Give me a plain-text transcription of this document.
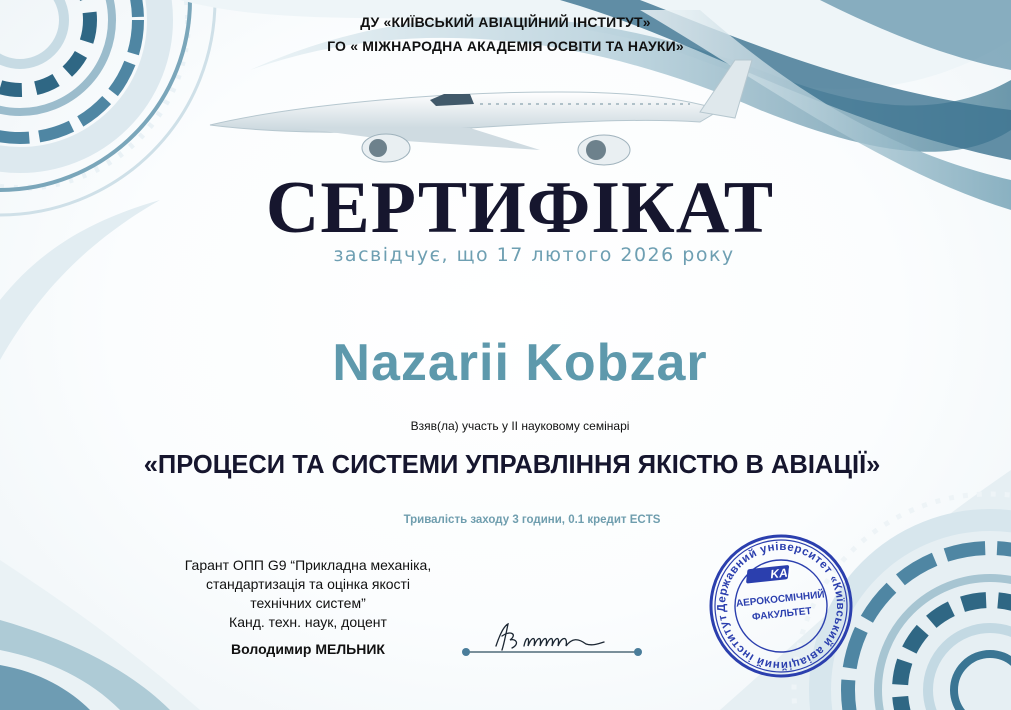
ДУ «КИЇВСЬКИЙ АВІАЦІЙНИЙ ІНСТИТУТ»
ГО « МІЖНАРОДНА АКАДЕМІЯ ОСВІТИ ТА НАУКИ»
СЕРТИФІКАТ
засвідчує, що 17 лютого 2026 року
Nazarii Kobzar
Взяв(ла) участь у ІІ науковому семінарі
«ПРОЦЕСИ ТА СИСТЕМИ УПРАВЛІННЯ ЯКІСТЮ В АВІАЦІЇ»
Тривалість заходу 3 години, 0.1 кредит ECTS
Гарант ОПП G9 “Прикладна механіка,
стандартизація та оцінка якості
технічних систем”
Канд. техн. наук, доцент
Володимир МЕЛЬНИК
Державний університет «Київський авіаційний інститут»
KAI
АЕРОКОСМІЧНИЙ
ФАКУЛЬТЕТ
